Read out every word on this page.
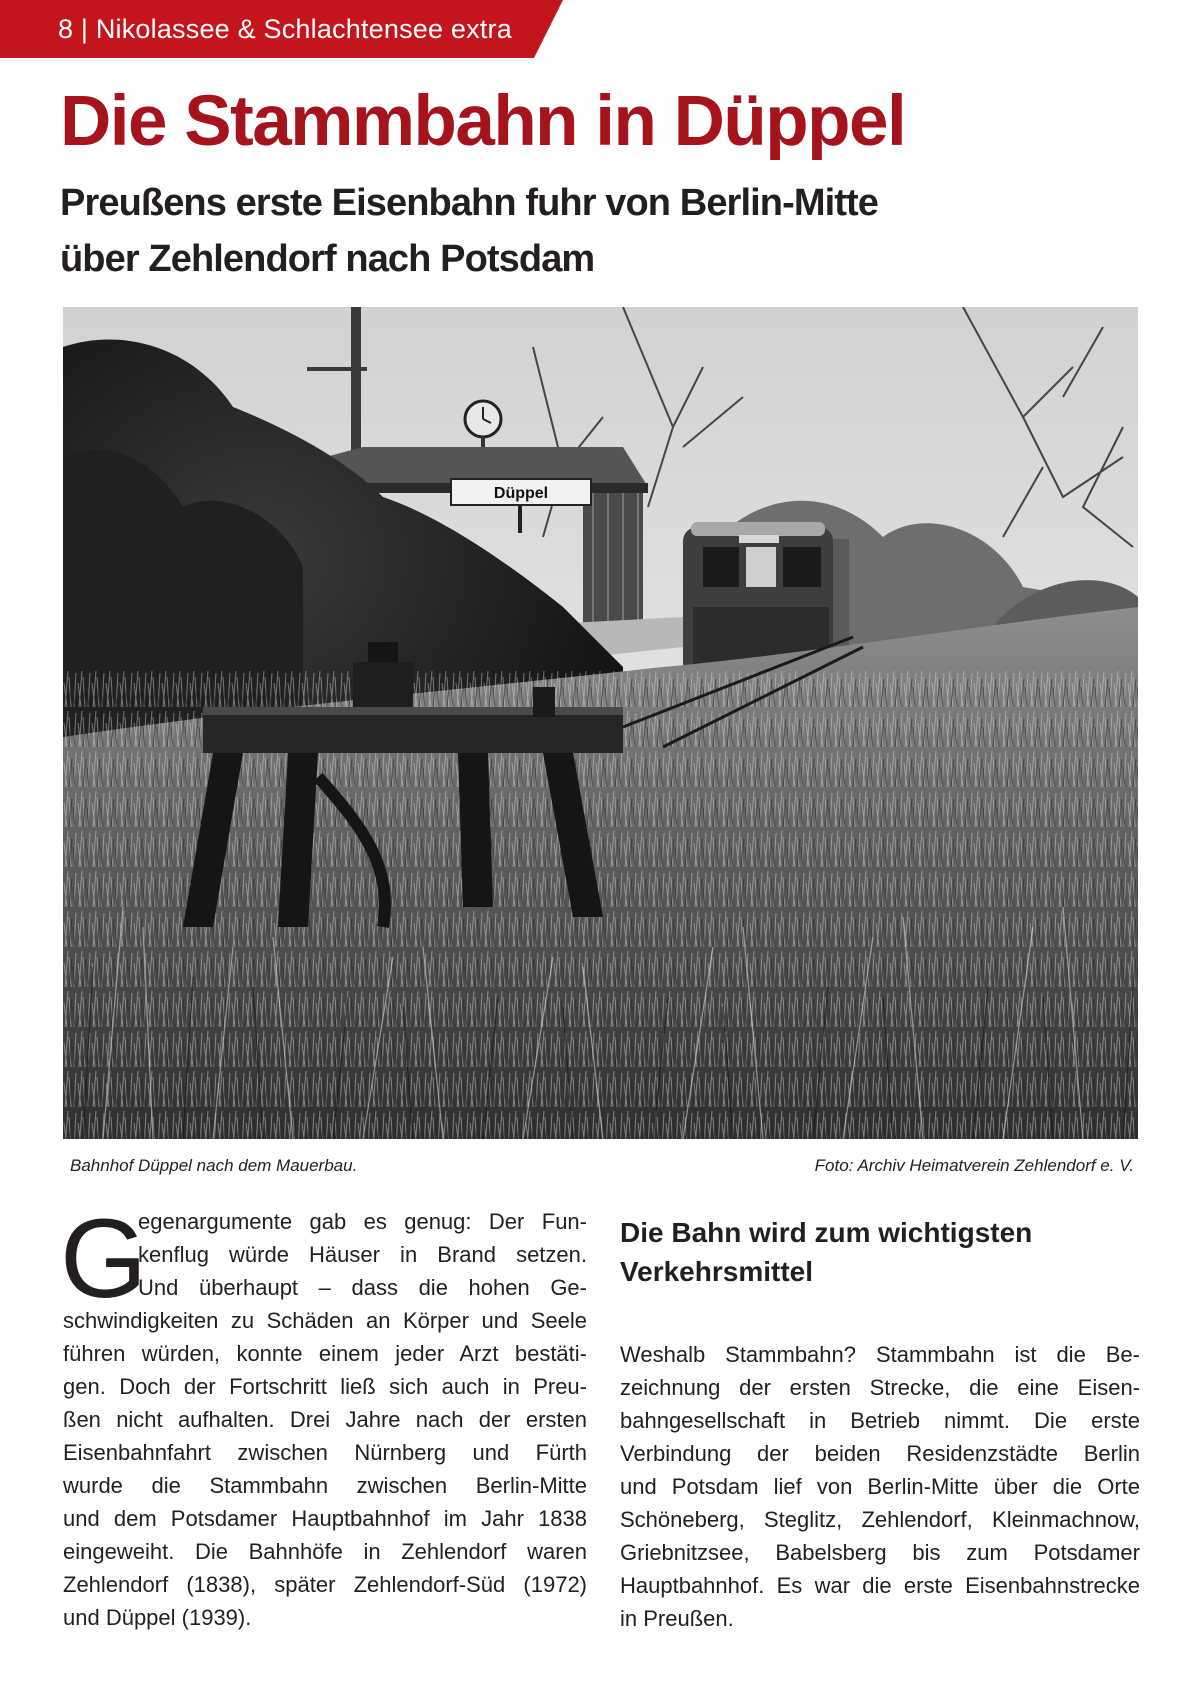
8 | Nikolassee & Schlachtensee extra
Die Stammbahn in Düppel
Preußens erste Eisenbahn fuhr von Berlin-Mitte
über Zehlendorf nach Potsdam
Düppel
Bahnhof Düppel nach dem Mauerbau.	Foto: Archiv Heimatverein Zehlendorf e. V.
G
egenargumente gab es genug: Der Fun-
kenflug würde Häuser in Brand setzen.
Und überhaupt – dass die hohen Ge-
schwindigkeiten zu Schäden an Körper und Seele
führen würden, konnte einem jeder Arzt bestäti-
gen. Doch der Fortschritt ließ sich auch in Preu-
ßen nicht aufhalten. Drei Jahre nach der ersten
Eisenbahnfahrt zwischen Nürnberg und Fürth
wurde die Stammbahn zwischen Berlin-Mitte
und dem Potsdamer Hauptbahnhof im Jahr 1838
eingeweiht. Die Bahnhöfe in Zehlendorf waren
Zehlendorf (1838), später Zehlendorf-Süd (1972)
und Düppel (1939).
Die Bahn wird zum wichtigsten
Verkehrsmittel
Weshalb Stammbahn? Stammbahn ist die Be-
zeichnung der ersten Strecke, die eine Eisen-
bahngesellschaft in Betrieb nimmt. Die erste
Verbindung der beiden Residenzstädte Berlin
und Potsdam lief von Berlin-Mitte über die Orte
Schöneberg, Steglitz, Zehlendorf, Kleinmachnow,
Griebnitzsee, Babelsberg bis zum Potsdamer
Hauptbahnhof. Es war die erste Eisenbahnstrecke
in Preußen.
